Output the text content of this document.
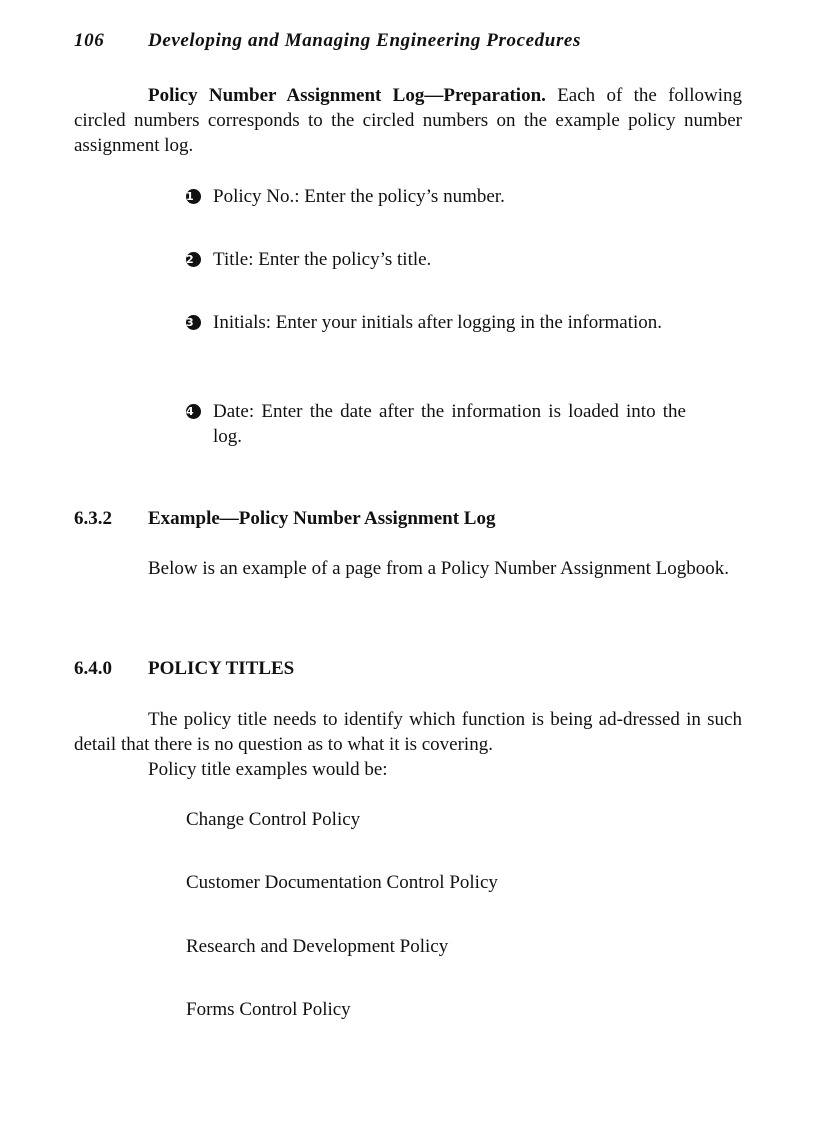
106 Developing and Managing Engineering Procedures

Policy Number Assignment Log—Preparation. Each of the following circled numbers corresponds to the circled numbers on the example policy number assignment log.

1	Policy No.: Enter the policy’s number.
2	Title: Enter the policy’s title.
3	Initials: Enter your initials after logging in the information.
4	Date: Enter the date after the information is loaded into the log.
6.3.2 Example—Policy Number Assignment Log

Below is an example of a page from a Policy Number Assignment Logbook.

6.4.0 POLICY TITLES

The policy title needs to identify which function is being ad-dressed in such detail that there is no question as to what it is covering.

Policy title examples would be:

Change Control Policy
Customer Documentation Control Policy
Research and Development Policy
Forms Control Policy
